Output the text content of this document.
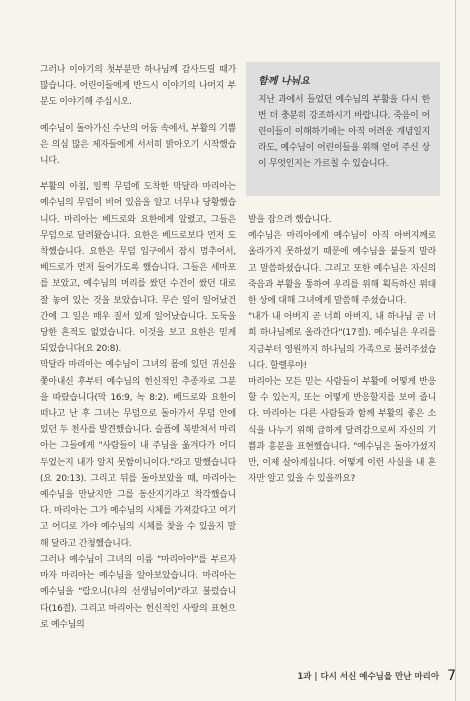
그러나 이야기의 첫부분만 하나님께 감사드릴 때가 많습니다. 어린이들에게 반드시 이야기의 나머지 부분도 이야기해 주십시오.

예수님이 돌아가신 수난의 어둠 속에서, 부활의 기쁨은 의심 많은 제자들에게 서서히 밝아오기 시작했습니다.

부활의 아침, 일찍 무덤에 도착한 막달라 마리아는 예수님의 무덤이 비어 있음을 알고 너무나 당황했습니다. 마리아는 베드로와 요한에게 알렸고, 그들은 무덤으로 달려왔습니다. 요한은 베드로보다 먼저 도착했습니다. 요한은 무덤 입구에서 잠시 멈추어서, 베드로가 먼저 들어가도록 했습니다. 그들은 세마포를 보았고, 예수님의 머리를 쌌던 수건이 쌌던 대로 잘 놓여 있는 것을 보았습니다. 무슨 일이 일어났건 간에 그 일은 매우 질서 있게 일어났습니다. 도둑을 당한 흔적도 없었습니다. 이것을 보고 요한은 믿게 되었습니다(요 20:8).

막달라 마리아는 예수님이 그녀의 몸에 있던 귀신을 쫓아내신 후부터 예수님의 헌신적인 추종자로 그분을 따랐습니다(막 16:9, 녹 8:2). 베드로와 요한이 떠나고 난 후 그녀는 무덤으로 돌아가서 무덤 안에 있던 두 천사를 발견했습니다. 슬픔에 복받쳐서 마리아는 그들에게 "사람들이 내 주님을 옮겨다가 어디 두었는지 내가 알지 못함이니이다."라고 말했습니다(요 20:13). 그리고 뒤를 돌아보았을 때, 마리아는 예수님을 만났지만 그를 동산지기라고 착각했습니다. 마리아는 그가 예수님의 시체를 가져갔다고 여기고 어디로 가야 예수님의 시체를 찾을 수 있을지 말해 달라고 간청했습니다.

그러나 예수님이 그녀의 이름 "마리아야"를 부르자마자 마리아는 예수님을 알아보았습니다. 마리아는 예수님을 "랍오니(나의 선생님이여)"라고 불렀습니다(16절). 그리고 마리아는 헌신적인 사랑의 표현으로 예수님의

함께 나눠요
지난 과에서 들었던 예수님의 부활을 다시 한 번 더 충분히 강조하시기 바랍니다. 죽음이 어린이들이 이해하기에는 아직 어려운 개념일지라도, 예수님이 어린이들을 위해 얻어 주신 상이 무엇인지는 가르칠 수 있습니다.

발을 잡으려 했습니다.

예수님은 마리아에게 예수님이 아직 아버지께로 올라가지 못하셨기 때문에 예수님을 붙들지 말라고 말씀하셨습니다. 그리고 또한 예수님은 자신의 죽음과 부활을 통하여 우리를 위해 획득하신 위대한 상에 대해 그녀에게 말씀해 주셨습니다.

"내가 내 아버지 곧 너희 아버지, 내 하나님 곧 너희 하나님께로 올라간다"(17절). 예수님은 우리를 지금부터 영원까지 하나님의 가족으로 불러주셨습니다. 할렐루야!

마리아는 모든 믿는 사람들이 부활에 어떻게 반응할 수 있는지, 또는 어떻게 반응할지를 보여 줍니다. 마리아는 다른 사람들과 함께 부활의 좋은 소식을 나누기 위해 급하게 달려감으로써 자신의 기쁨과 흥분을 표현했습니다. "예수님은 돌아가셨지만, 이제 살아계십니다. 어떻게 이런 사실을 내 혼자만 알고 있을 수 있을까요?

1과 | 다시 서신 예수님을 만난 마리아 7
